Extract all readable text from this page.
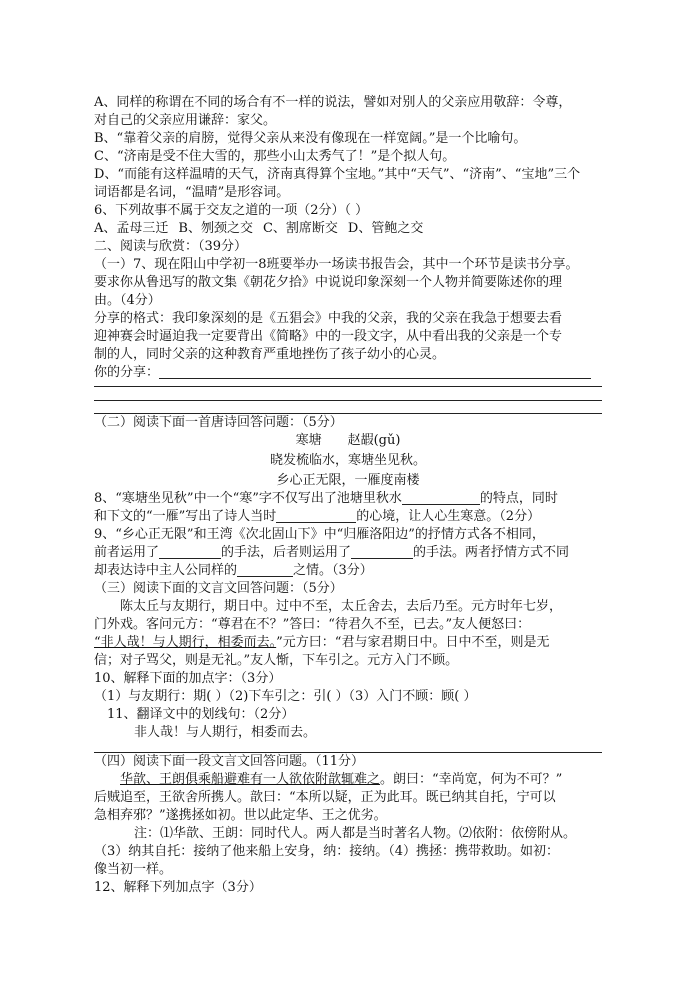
A、同样的称谓在不同的场合有不一样的说法，譬如对别人的父亲应用敬辞：令尊，

对自己的父亲应用谦辞：家父。

B、“靠着父亲的肩膀，觉得父亲从来没有像现在一样宽阔。”是一个比喻句。

C、“济南是受不住大雪的，那些小山太秀气了！”是个拟人句。

D、“而能有这样温晴的天气，济南真得算个宝地。”其中“天气”、“济南”、“宝地”三个

词语都是名词，“温晴”是形容词。

6、下列故事不属于交友之道的一项（2分）（ ）

A、孟母三迁 B、刎颈之交 C、割席断交 D、管鲍之交

二、阅读与欣赏：（39分）

（一）7、现在阳山中学初一8班要举办一场读书报告会，其中一个环节是读书分享。

要求你从鲁迅写的散文集《朝花夕拾》中说说印象深刻一个人物并简要陈述你的理

由。（4分）

分享的格式：我印象深刻的是《五猖会》中我的父亲，我的父亲在我急于想要去看

迎神赛会时逼迫我一定要背出《简略》中的一段文字，从中看出我的父亲是一个专

制的人，同时父亲的这种教育严重地挫伤了孩子幼小的心灵。

你的分享：

（二）阅读下面一首唐诗回答问题：（5分）

寒塘 赵嘏(gǔ)

晓发梳临水，寒塘坐见秋。

乡心正无限，一雁度南楼

8、“寒塘坐见秋”中一个“寒”字不仅写出了池塘里秋水	的特点，同时

和下文的“一雁”写出了诗人当时	的心境，让人心生寒意。（2分）

9、“乡心正无限”和王湾《次北固山下》中“归雁洛阳边”的抒情方式各不相同，

前者运用了	的手法，后者则运用了	的手法。两者抒情方式不同

却表达诗中主人公同样的	之情。（3分）

（三）阅读下面的文言文回答问题：（5分）

陈太丘与友期行，期日中。过中不至，太丘舍去，去后乃至。元方时年七岁，

门外戏。客问元方：“尊君在不？”答曰：“待君久不至，已去。”友人便怒曰：

“非人哉！与人期行，相委而去。”元方曰：“君与家君期日中。日中不至，则是无

信；对子骂父，则是无礼。”友人惭，下车引之。元方入门不顾。

10、解释下面的加点字：（3分）

（1）与友期行：期( ）（2)下车引之：引( ）（3）入门不顾：顾( ）

11、翻译文中的划线句：（2分）

非人哉！与人期行，相委而去。

（四）阅读下面一段文言文回答问题。（11分）

华歆、王朗俱乘船避难有一人欲依附歆辄难之。朗曰：“幸尚宽，何为不可？”

后贼追至，王欲舍所携人。歆曰：“本所以疑，正为此耳。既已纳其自托，宁可以

急相弃邪？”遂携拯如初。世以此定华、王之优劣。

注：⑴华歆、王朗：同时代人。两人都是当时著名人物。⑵依附：依傍附从。

（3）纳其自托：接纳了他来船上安身，纳：接纳。（4）携拯：携带救助。如初：

像当初一样。

12、解释下列加点字（3分）
